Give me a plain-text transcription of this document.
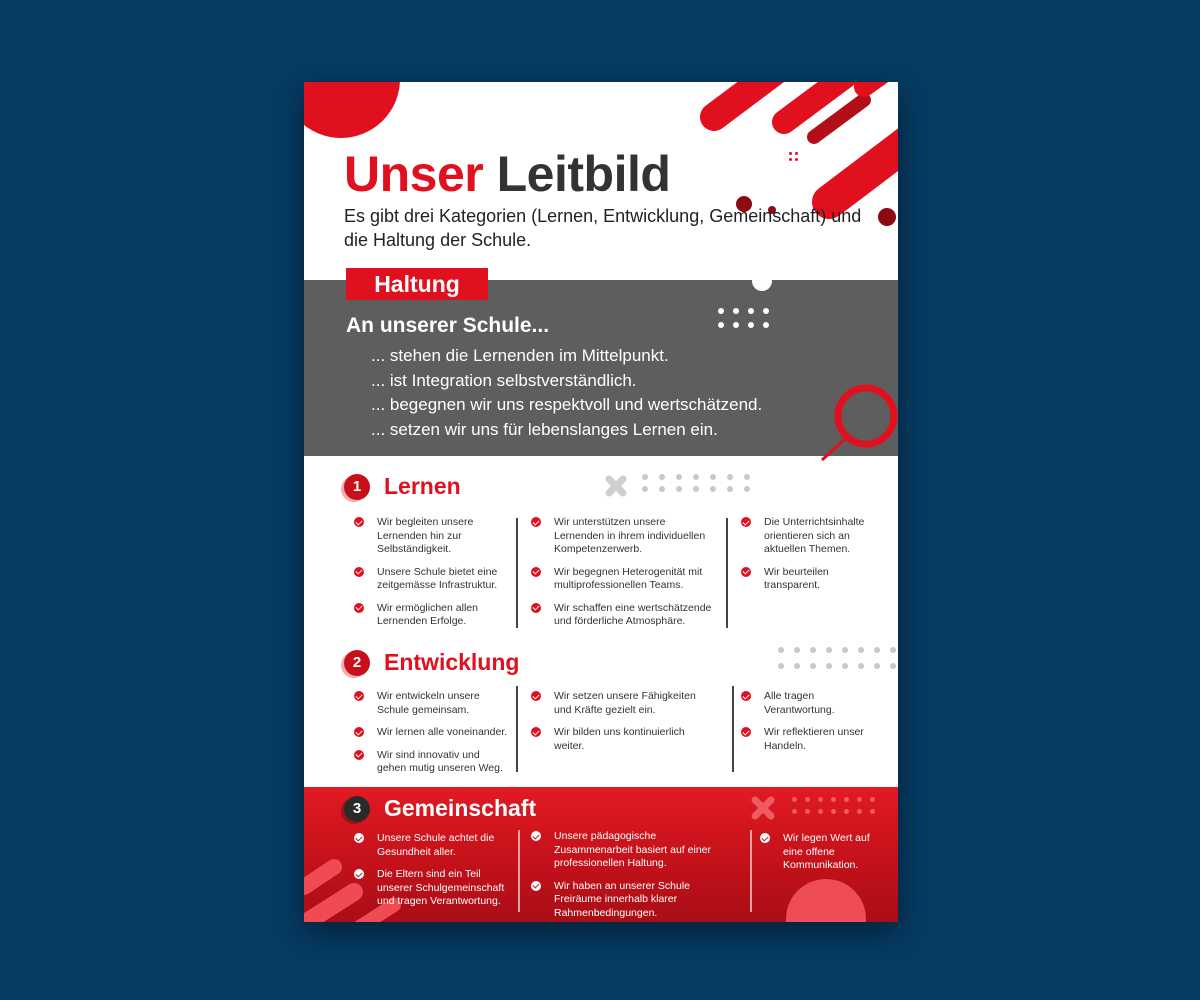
Unser Leitbild
Es gibt drei Kategorien (Lernen, Entwicklung, Gemeinschaft) und die Haltung der Schule.
Haltung
An unserer Schule...
... stehen die Lernenden im Mittelpunkt.
... ist Integration selbstverständlich.
... begegnen wir uns respektvoll und wertschätzend.
... setzen wir uns für lebenslanges Lernen ein.
1 Lernen
Wir begleiten unsere Lernenden hin zur Selbständigkeit.
Unsere Schule bietet eine zeitgemässe Infrastruktur.
Wir ermöglichen allen Lernenden Erfolge.
Wir unterstützen unsere Lernenden in ihrem individuellen Kompetenzerwerb.
Wir begegnen Heterogenität mit multiprofessionellen Teams.
Wir schaffen eine wertschätzende und förderliche Atmosphäre.
Die Unterrichtsinhalte orientieren sich an aktuellen Themen.
Wir beurteilen transparent.
2 Entwicklung
Wir entwickeln unsere Schule gemeinsam.
Wir lernen alle voneinander.
Wir sind innovativ und gehen mutig unseren Weg.
Wir setzen unsere Fähigkeiten und Kräfte gezielt ein.
Wir bilden uns kontinuierlich weiter.
Alle tragen Verantwortung.
Wir reflektieren unser Handeln.
3 Gemeinschaft
Unsere Schule achtet die Gesundheit aller.
Die Eltern sind ein Teil unserer Schulgemeinschaft und tragen Verantwortung.
Unsere pädagogische Zusammenarbeit basiert auf einer professionellen Haltung.
Wir haben an unserer Schule Freiräume innerhalb klarer Rahmenbedingungen.
Wir legen Wert auf eine offene Kommunikation.
